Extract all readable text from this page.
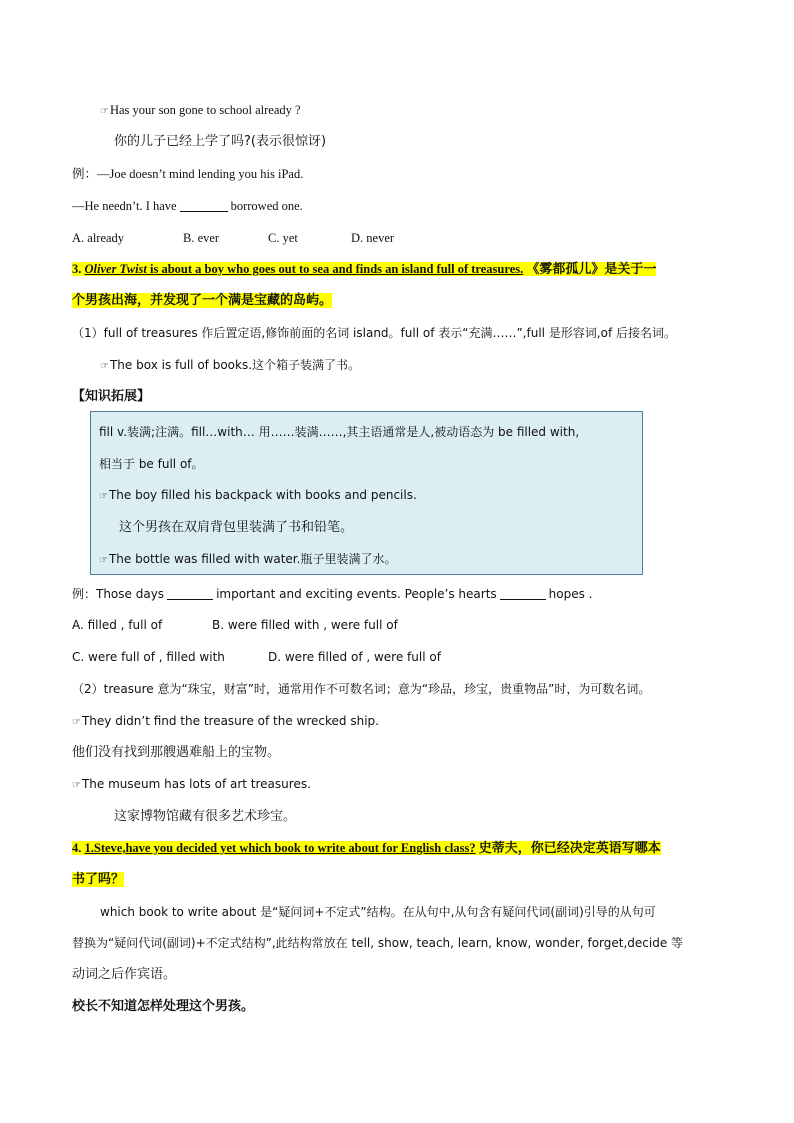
☞Has your son gone to school already ?
你的儿子已经上学了吗?(表示很惊讶)
例：—Joe doesn’t mind lending you his iPad.
—He needn’t. I have	borrowed one.
A. already	B. ever	C. yet	D. never
3. Oliver Twist is about a boy who goes out to sea and finds an island full of treasures. 《雾都孤儿》是关于一
个男孩出海，并发现了一个满是宝藏的岛屿。
（1）full of treasures 作后置定语,修饰前面的名词 island。full of 表示“充满……”,full 是形容词,of 后接名词。
☞The box is full of books.这个箱子装满了书。
【知识拓展】
fill v.装满;注满。fill…with… 用……装满……,其主语通常是人,被动语态为 be filled with,
相当于 be full of。
☞The boy filled his backpack with books and pencils.
这个男孩在双肩背包里装满了书和铅笔。
☞The bottle was filled with water.瓶子里装满了水。
例：Those days	important and exciting events. People’s hearts	hopes .
A. filled , full of	B. were filled with , were full of
C. were full of , filled with	D. were filled of , were full of
（2）treasure 意为“珠宝，财富”时，通常用作不可数名词；意为“珍品，珍宝，贵重物品”时，为可数名词。
☞They didn’t find the treasure of the wrecked ship.
他们没有找到那艘遇难船上的宝物。
☞The museum has lots of art treasures.
这家博物馆藏有很多艺术珍宝。
4. 1.Steve,have you decided yet which book to write about for English class? 史蒂夫，你已经决定英语写哪本
书了吗？
which book to write about 是“疑问词+不定式”结构。在从句中,从句含有疑问代词(副词)引导的从句可
替换为“疑问代词(副词)+不定式结构”,此结构常放在 tell, show, teach, learn, know, wonder, forget,decide 等
动词之后作宾语。
校长不知道怎样处理这个男孩。
